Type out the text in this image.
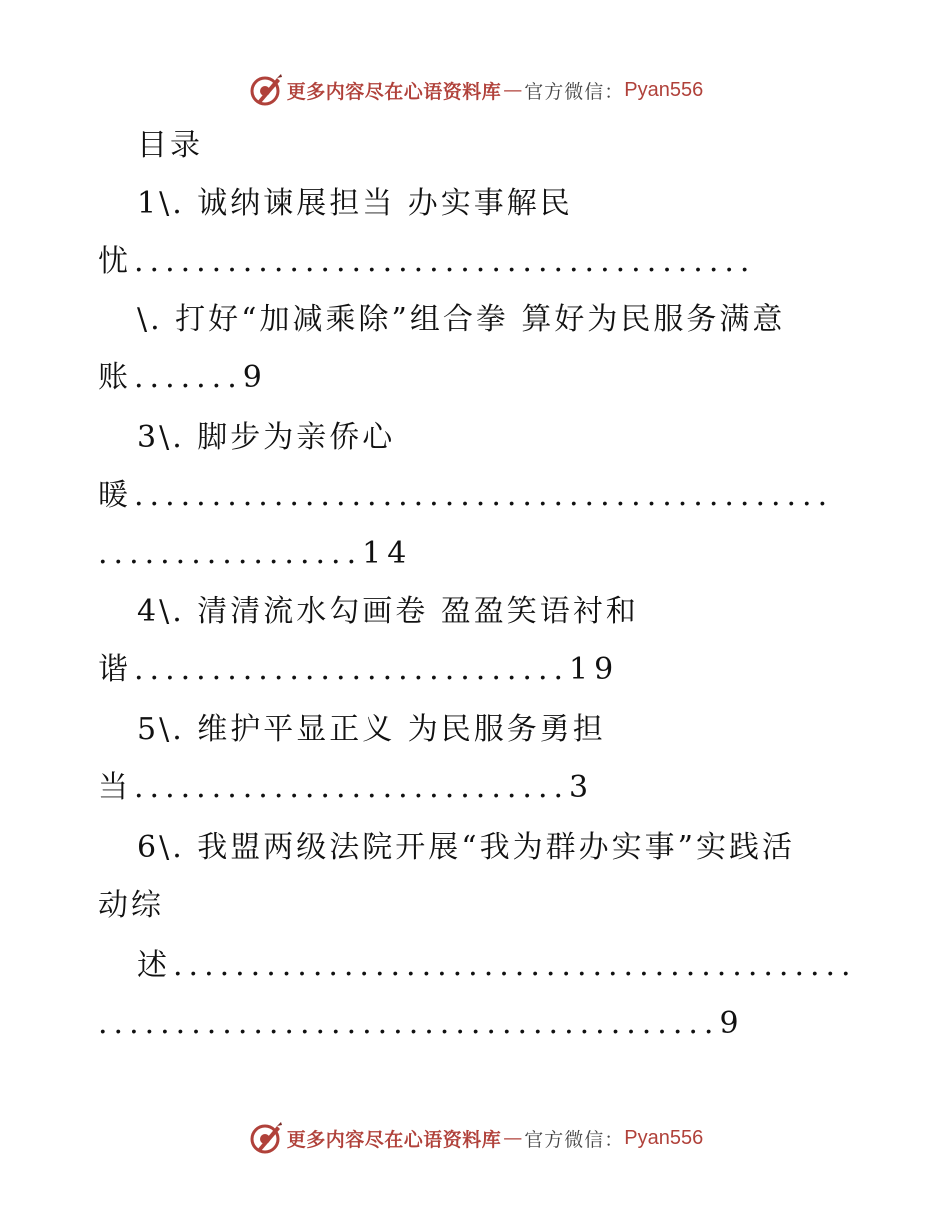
更多内容尽在心语资料库 — 官方微信： Pyan556
目录
1\. 诚纳谏展担当 办实事解民
忧........................................
\. 打好“加减乘除”组合拳 算好为民服务满意
账.......9
3\. 脚步为亲侨心
暖.............................................
.................14
4\. 清清流水勾画卷 盈盈笑语衬和
谐............................19
5\. 维护平显正义 为民服务勇担
当............................3
6\. 我盟两级法院开展“我为群办实事”实践活
动综
述............................................
........................................9
更多内容尽在心语资料库 — 官方微信： Pyan556
